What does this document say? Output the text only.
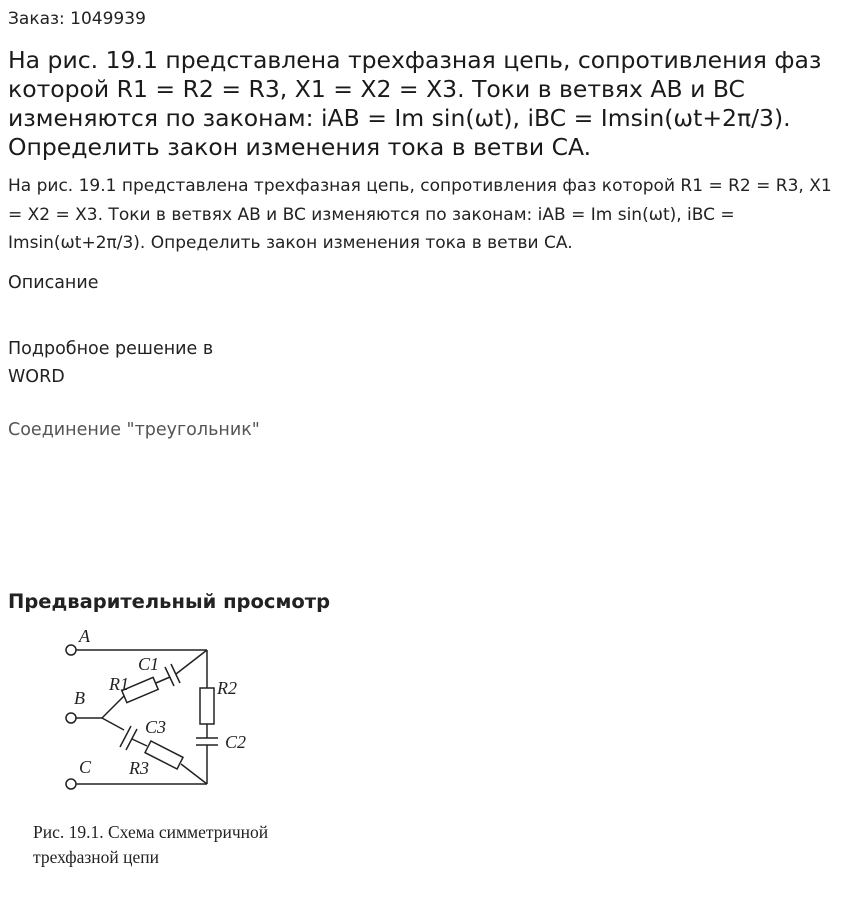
Заказ: 1049939
На рис. 19.1 представлена трехфазная цепь, сопротивления фаз которой R1 = R2 = R3, X1 = X2 = X3. Токи в ветвях AB и BC изменяются по законам: iAB = Im sin(ωt), iBC = Imsin(ωt+2π/3). Определить закон изменения тока в ветви CA.

На рис. 19.1 представлена трехфазная цепь, сопротивления фаз которой R1 = R2 = R3, X1 = X2 = X3. Токи в ветвях AB и BC изменяются по законам: iAB = Im sin(ωt), iBC = Imsin(ωt+2π/3). Определить закон изменения тока в ветви CA.

Описание
Подробное решение в WORD
Соединение "треугольник"
Предварительный просмотр
A
B
C
R1
C1
R2
C2
C3
R3
Рис. 19.1. Схема симметричной трехфазной цепи
